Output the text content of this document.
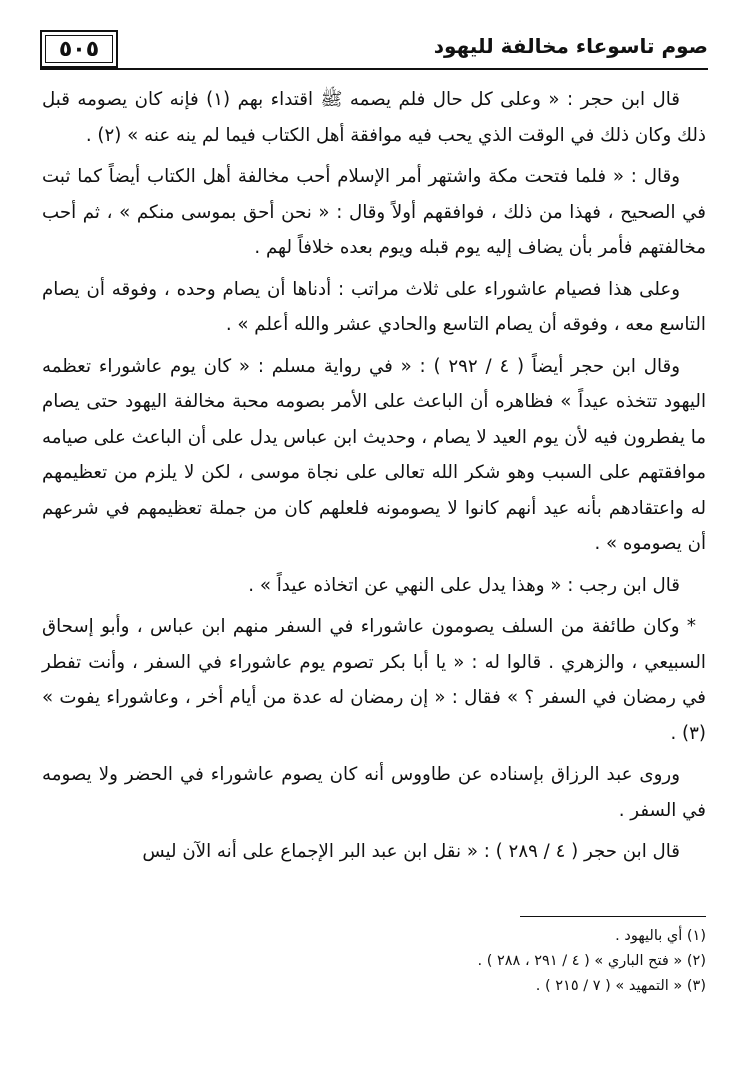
٥٠٥	صوم تاسوعاء مخالفة لليهود

قال ابن حجر : « وعلى كل حال فلم يصمه ﷺ اقتداء بهم (١) فإنه كان يصومه قبل ذلك وكان ذلك في الوقت الذي يحب فيه موافقة أهل الكتاب فيما لم ينه عنه » (٢) .

وقال : « فلما فتحت مكة واشتهر أمر الإسلام أحب مخالفة أهل الكتاب أيضاً كما ثبت في الصحيح ، فهذا من ذلك ، فوافقهم أولاً وقال : « نحن أحق بموسى منكم » ، ثم أحب مخالفتهم فأمر بأن يضاف إليه يوم قبله ويوم بعده خلافاً لهم .

وعلى هذا فصيام عاشوراء على ثلاث مراتب : أدناها أن يصام وحده ، وفوقه أن يصام التاسع معه ، وفوقه أن يصام التاسع والحادي عشر والله أعلم » .

وقال ابن حجر أيضاً ( ٤ / ٢٩٢ ) : « في رواية مسلم : « كان يوم عاشوراء تعظمه اليهود تتخذه عيداً » فظاهره أن الباعث على الأمر بصومه محبة مخالفة اليهود حتى يصام ما يفطرون فيه لأن يوم العيد لا يصام ، وحديث ابن عباس يدل على أن الباعث على صيامه موافقتهم على السبب وهو شكر الله تعالى على نجاة موسى ، لكن لا يلزم من تعظيمهم له واعتقادهم بأنه عيد أنهم كانوا لا يصومونه فلعلهم كان من جملة تعظيمهم في شرعهم أن يصوموه » .

قال ابن رجب : « وهذا يدل على النهي عن اتخاذه عيداً » .

* وكان طائفة من السلف يصومون عاشوراء في السفر منهم ابن عباس ، وأبو إسحاق السبيعي ، والزهري . قالوا له : « يا أبا بكر تصوم يوم عاشوراء في السفر ، وأنت تفطر في رمضان في السفر ؟ » فقال : « إن رمضان له عدة من أيام أخر ، وعاشوراء يفوت » (٣) .

وروى عبد الرزاق بإسناده عن طاووس أنه كان يصوم عاشوراء في الحضر ولا يصومه في السفر .

قال ابن حجر ( ٤ / ٢٨٩ ) : « نقل ابن عبد البر الإجماع على أنه الآن ليس

(١) أي باليهود .

(٢) « فتح الباري » ( ٤ / ٢٩١ ، ٢٨٨ ) .

(٣) « التمهيد » ( ٧ / ٢١٥ ) .
